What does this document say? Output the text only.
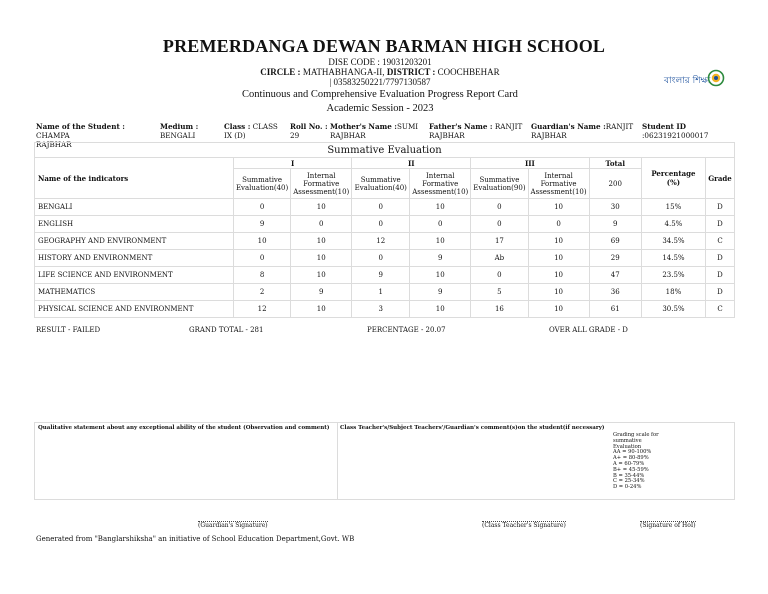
PREMERDANGA DEWAN BARMAN HIGH SCHOOL
DISE CODE : 19031203201
CIRCLE : MATHABHANGA-II, DISTRICT : COOCHBEHAR
| 03583250221/7797130587
Continuous and Comprehensive Evaluation Progress Report Card
Academic Session - 2023
বাংলার শিক্ষা
Name of the Student : CHAMPA
RAJBHAR
Medium :
BENGALI
Class : CLASS
IX (D)
Roll No. :
29
Mother's Name :SUMI
RAJBHAR
Father's Name : RANJIT
RAJBHAR
Guardian's Name :RANJIT
RAJBHAR
Student ID
:06231921000017
Summative Evaluation									
Name of the indicators	I		II		III		Total	Percentage (%)	Grade
	Summative Evaluation(40)	Internal Formative Assessment(10)	Summative Evaluation(40)	Internal Formative Assessment(10)	Summative Evaluation(90)	Internal Formative Assessment(10)	200		
BENGALI	0	10	0	10	0	10	30	15%	D
ENGLISH	9	0	0	0	0	0	9	4.5%	D
GEOGRAPHY AND ENVIRONMENT	10	10	12	10	17	10	69	34.5%	C
HISTORY AND ENVIRONMENT	0	10	0	9	Ab	10	29	14.5%	D
LIFE SCIENCE AND ENVIRONMENT	8	10	9	10	0	10	47	23.5%	D
MATHEMATICS	2	9	1	9	5	10	36	18%	D
PHYSICAL SCIENCE AND ENVIRONMENT	12	10	3	10	16	10	61	30.5%	C
RESULT - FAILED	GRAND TOTAL - 281	PERCENTAGE - 20.07	OVER ALL GRADE - D
Qualitative statement about any exceptional ability of the student (Observation and comment)	Class Teacher's/Subject Teachers'/Guardian's comment(s)on the student(if necessary)
Grading scale for
summative
Evaluation
AA = 90-100%
A+ = 80-89%
A = 60-79%
B+ = 45-59%
B = 35-44%
C = 25-34%
D = 0-24%
(Guardian's Signature)	(Class Teacher's Signature)	(Signature of HoI)
Generated from "Banglarshiksha" an initiative of School Education Department,Govt. WB
